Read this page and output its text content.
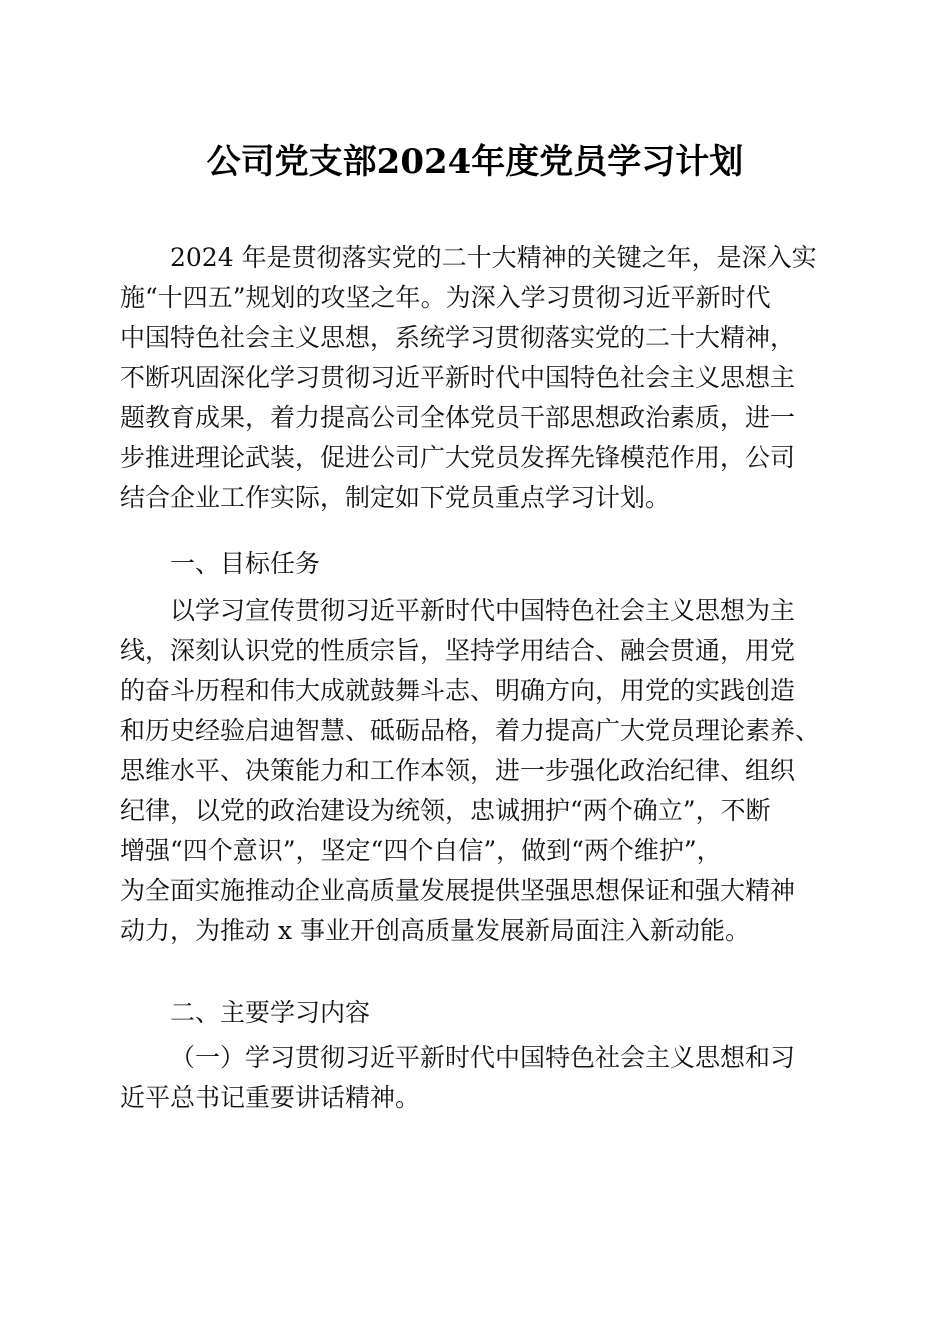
公司党支部2024年度党员学习计划
2024 年是贯彻落实党的二十大精神的关键之年，是深入实
施“十四五”规划的攻坚之年。为深入学习贯彻习近平新时代
中国特色社会主义思想，系统学习贯彻落实党的二十大精神，
不断巩固深化学习贯彻习近平新时代中国特色社会主义思想主
题教育成果，着力提高公司全体党员干部思想政治素质，进一
步推进理论武装，促进公司广大党员发挥先锋模范作用，公司
结合企业工作实际，制定如下党员重点学习计划。
一、目标任务
以学习宣传贯彻习近平新时代中国特色社会主义思想为主
线，深刻认识党的性质宗旨，坚持学用结合、融会贯通，用党
的奋斗历程和伟大成就鼓舞斗志、明确方向，用党的实践创造
和历史经验启迪智慧、砥砺品格，着力提高广大党员理论素养、
思维水平、决策能力和工作本领，进一步强化政治纪律、组织
纪律，以党的政治建设为统领，忠诚拥护“两个确立”，不断
增强“四个意识”，坚定“四个自信”，做到“两个维护”，
为全面实施推动企业高质量发展提供坚强思想保证和强大精神
动力，为推动 x 事业开创高质量发展新局面注入新动能。
二、主要学习内容
（一）学习贯彻习近平新时代中国特色社会主义思想和习
近平总书记重要讲话精神。
